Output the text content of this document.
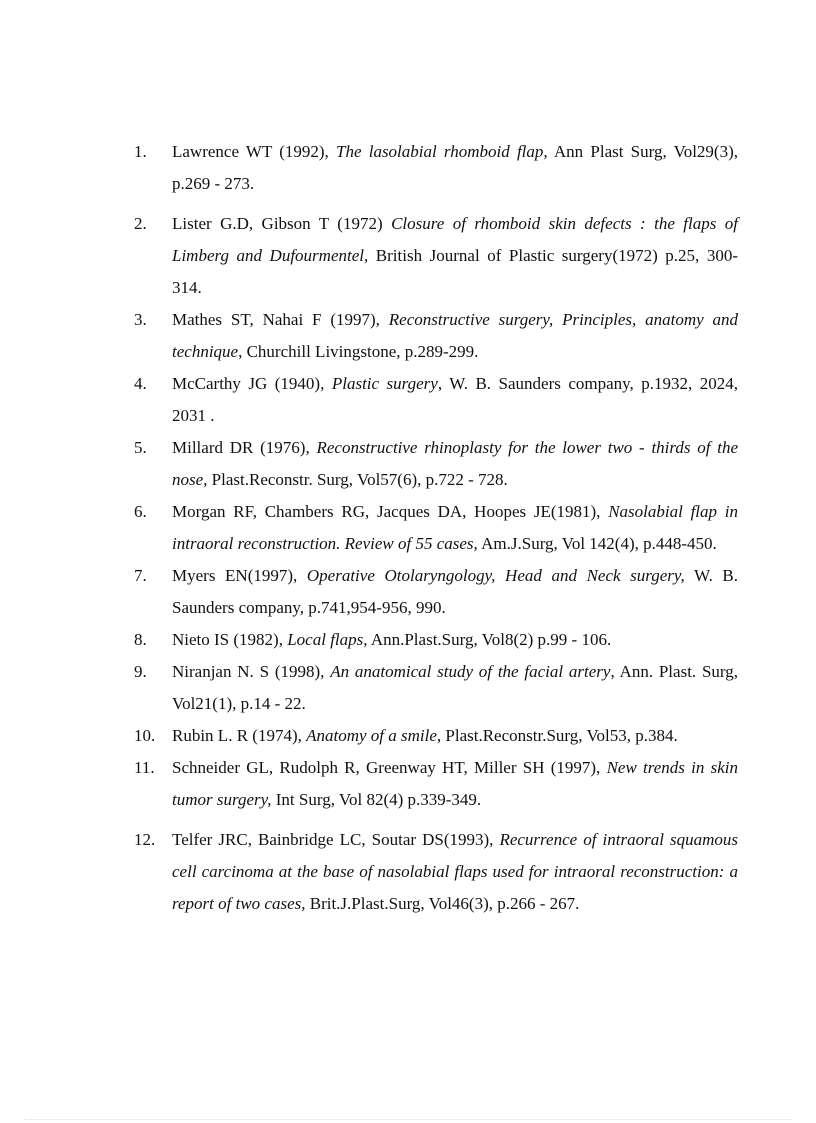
1. Lawrence WT (1992), The lasolabial rhomboid flap, Ann Plast Surg, Vol29(3), p.269 - 273.
2. Lister G.D, Gibson T (1972) Closure of rhomboid skin defects : the flaps of Limberg and Dufourmentel, British Journal of Plastic surgery(1972) p.25, 300-314.
3. Mathes ST, Nahai F (1997), Reconstructive surgery, Principles, anatomy and technique, Churchill Livingstone, p.289-299.
4. McCarthy JG (1940), Plastic surgery, W. B. Saunders company, p.1932, 2024, 2031 .
5. Millard DR (1976), Reconstructive rhinoplasty for the lower two - thirds of the nose, Plast.Reconstr. Surg, Vol57(6), p.722 - 728.
6. Morgan RF, Chambers RG, Jacques DA, Hoopes JE(1981), Nasolabial flap in intraoral reconstruction. Review of 55 cases, Am.J.Surg, Vol 142(4), p.448-450.
7. Myers EN(1997), Operative Otolaryngology, Head and Neck surgery, W. B. Saunders company, p.741,954-956, 990.
8. Nieto IS (1982), Local flaps, Ann.Plast.Surg, Vol8(2) p.99 - 106.
9. Niranjan N. S (1998), An anatomical study of the facial artery, Ann. Plast. Surg, Vol21(1), p.14 - 22.
10. Rubin L. R (1974), Anatomy of a smile, Plast.Reconstr.Surg, Vol53, p.384.
11. Schneider GL, Rudolph R, Greenway HT, Miller SH (1997), New trends in skin tumor surgery, Int Surg, Vol 82(4) p.339-349.
12. Telfer JRC, Bainbridge LC, Soutar DS(1993), Recurrence of intraoral squamous cell carcinoma at the base of nasolabial flaps used for intraoral reconstruction: a report of two cases, Brit.J.Plast.Surg, Vol46(3), p.266 - 267.
